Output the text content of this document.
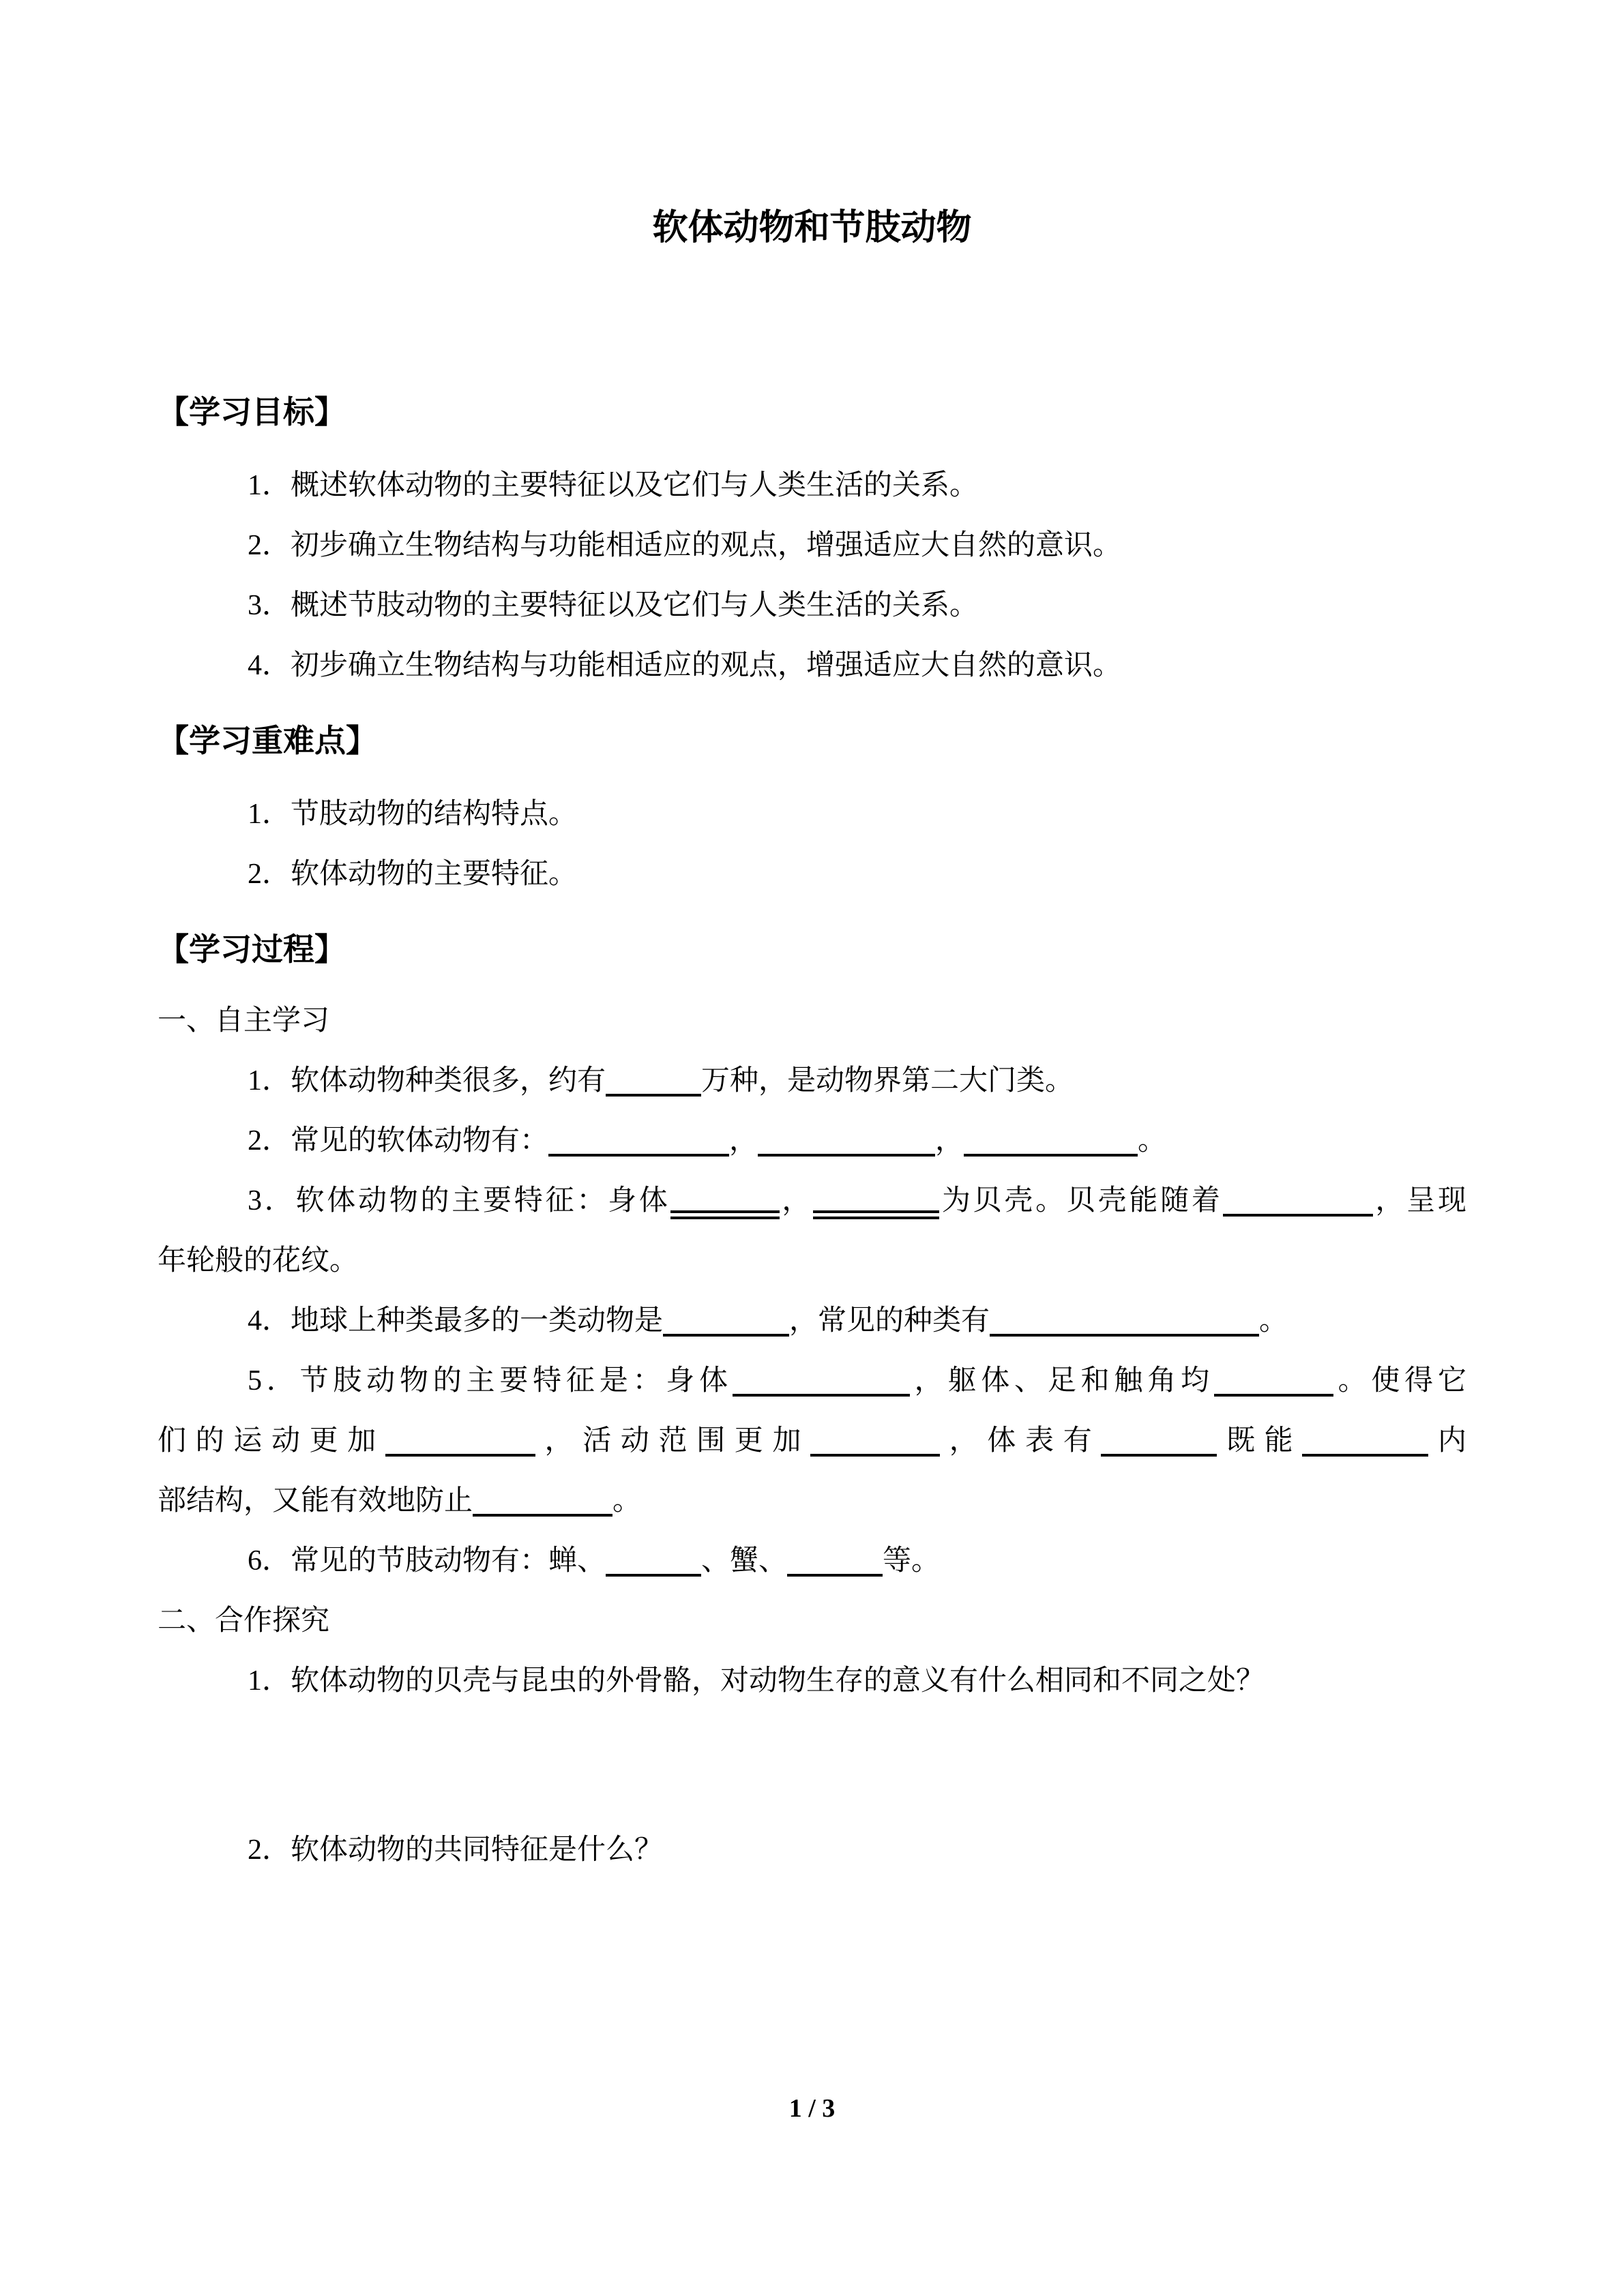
软体动物和节肢动物
【学习目标】
1．概述软体动物的主要特征以及它们与人类生活的关系。
2．初步确立生物结构与功能相适应的观点，增强适应大自然的意识。
3．概述节肢动物的主要特征以及它们与人类生活的关系。
4．初步确立生物结构与功能相适应的观点，增强适应大自然的意识。
【学习重难点】
1．节肢动物的结构特点。
2．软体动物的主要特征。
【学习过程】
一、自主学习
1．软体动物种类很多，约有	万种，是动物界第二大门类。
2．常见的软体动物有：	，	，	。
3．软体动物的主要特征：身体	，	为贝壳。贝壳能随着	，呈现
年轮般的花纹。
4．地球上种类最多的一类动物是	，常见的种类有	。
5．节肢动物的主要特征是：身体	，躯体、足和触角均	。使得它
们的运动更加	，活动范围更加	，体表有	既能	内
部结构，又能有效地防止	。
6．常见的节肢动物有：蝉、	、蟹、	等。
二、合作探究
1．软体动物的贝壳与昆虫的外骨骼，对动物生存的意义有什么相同和不同之处？
2．软体动物的共同特征是什么？
1 / 3
